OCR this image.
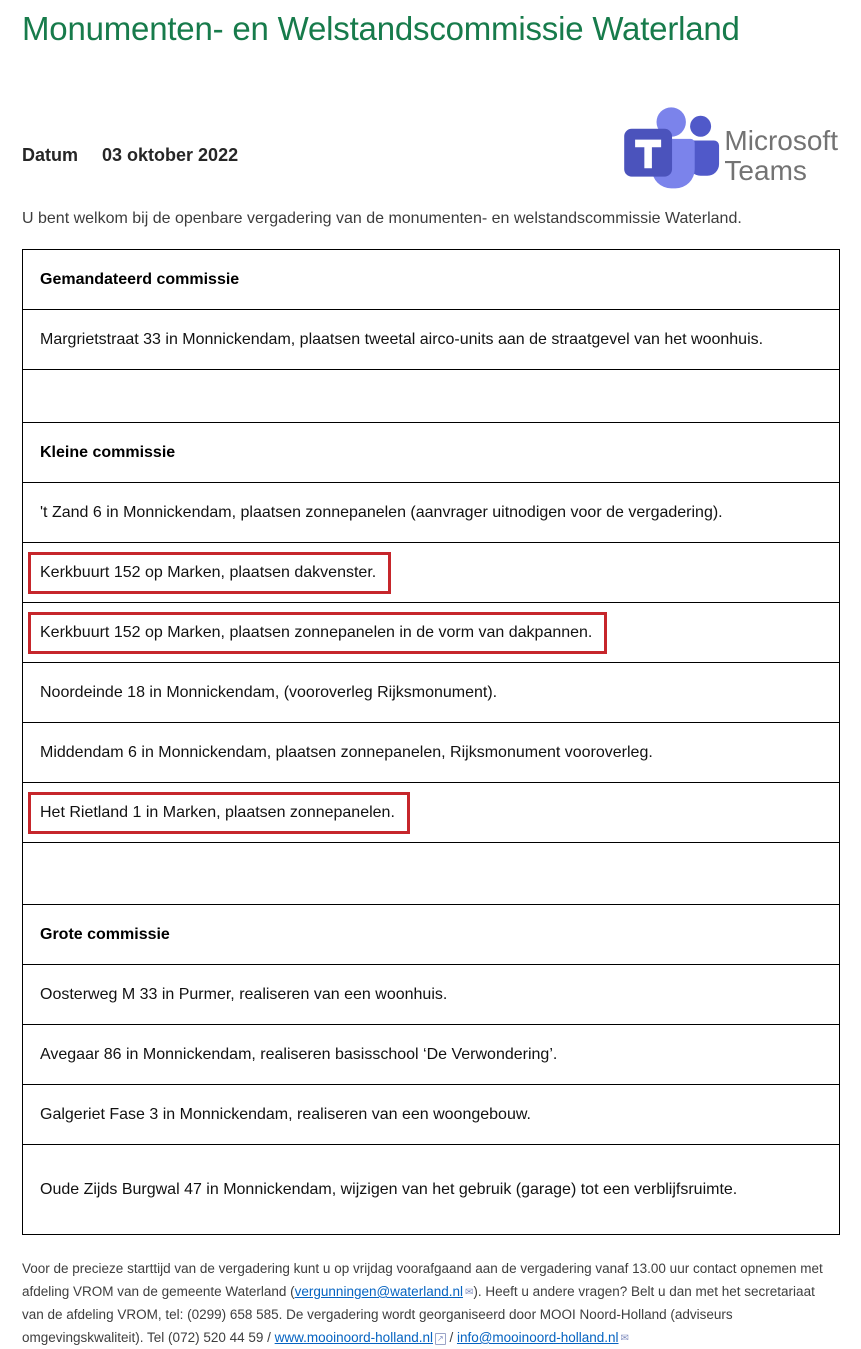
Monumenten- en Welstandscommissie Waterland
Datum 03 oktober 2022	Microsoft
Teams

U bent welkom bij de openbare vergadering van de monumenten- en welstandscommissie Waterland.

Gemandateerd commissie
Margrietstraat 33 in Monnickendam, plaatsen tweetal airco-units aan de straatgevel van het woonhuis.

Kleine commissie
't Zand 6 in Monnickendam, plaatsen zonnepanelen (aanvrager uitnodigen voor de vergadering).
Kerkbuurt 152 op Marken, plaatsen dakvenster.
Kerkbuurt 152 op Marken, plaatsen zonnepanelen in de vorm van dakpannen.
Noordeinde 18 in Monnickendam, (vooroverleg Rijksmonument).
Middendam 6 in Monnickendam, plaatsen zonnepanelen, Rijksmonument vooroverleg.
Het Rietland 1 in Marken, plaatsen zonnepanelen.

Grote commissie
Oosterweg M 33 in Purmer, realiseren van een woonhuis.
Avegaar 86 in Monnickendam, realiseren basisschool ‘De Verwondering’.
Galgeriet Fase 3 in Monnickendam, realiseren van een woongebouw.
Oude Zijds Burgwal 47 in Monnickendam, wijzigen van het gebruik (garage) tot een verblijfsruimte.
Voor de precieze starttijd van de vergadering kunt u op vrijdag voorafgaand aan de vergadering vanaf 13.00 uur contact opnemen met afdeling VROM van de gemeente Waterland (vergunningen@waterland.nl ✉). Heeft u andere vragen? Belt u dan met het secretariaat van de afdeling VROM, tel: (0299) 658 585. De vergadering wordt georganiseerd door MOOI Noord-Holland (adviseurs omgevingskwaliteit). Tel (072) 520 44 59 / www.mooinoord-holland.nl ↗ / info@mooinoord-holland.nl ✉
